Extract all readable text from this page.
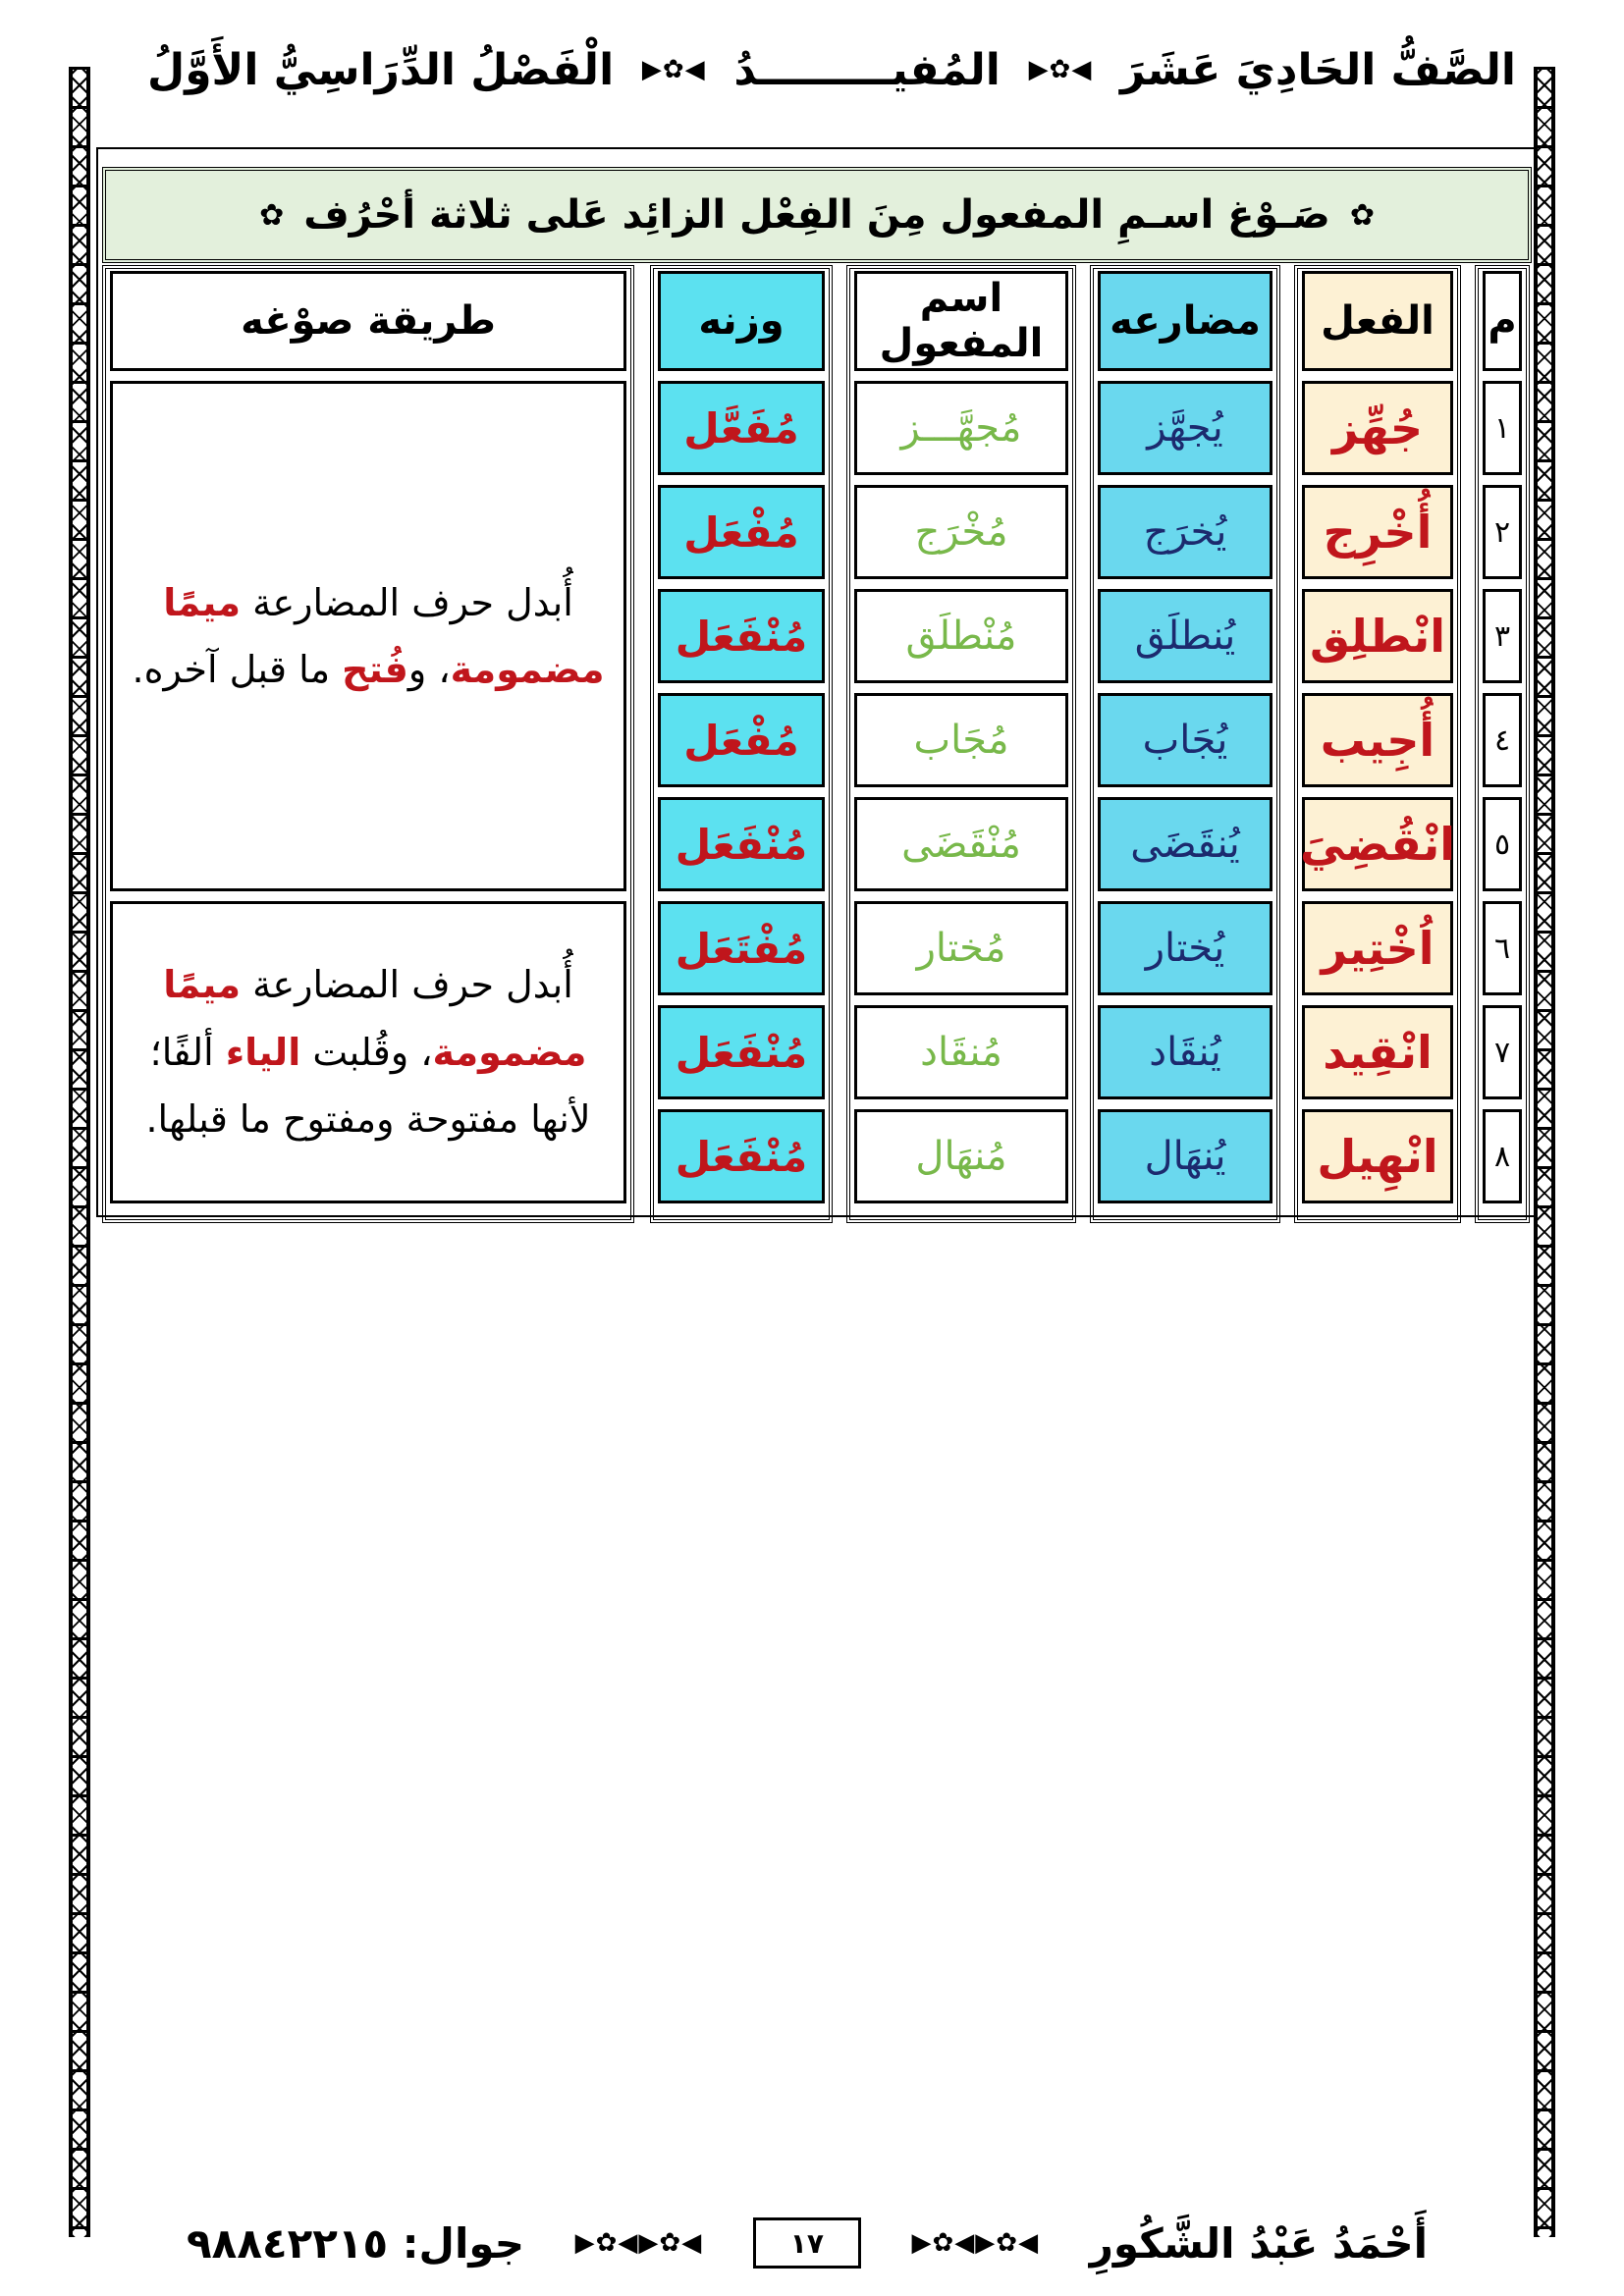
الصَّفُّ الحَادِيَ عَشَرَ
◀✿▶
المُفيـــــــــدُ
◀✿▶
الْفَصْلُ الدِّرَاسِيُّ الأَوَّلُ
✿
صَـوْغ اسـمِ المفعول مِنَ الفِعْل الزائِد عَلى ثلاثة أحْرُف
✿
م
الفعل
مضارعه
اسم المفعول
وزنه
طريقة صوْغه
١
جُهِّز
يُجهَّز
مُجهَّـــز
مُفَعَّل
٢
أُخْرِج
يُخرَج
مُخْرَج
مُفْعَل
٣
انْطلِق
يُنطلَق
مُنْطلَق
مُنْفَعَل
٤
أُجِيب
يُجَاب
مُجَاب
مُفْعَل
٥
انْقُضِيَ
يُنقَضَى
مُنْقَضَى
مُنْفَعَل
٦
اُخْتِير
يُختار
مُختار
مُفْتَعَل
٧
انْقِيد
يُنقَاد
مُنقَاد
مُنْفَعَل
٨
انْهِيل
يُنهَال
مُنهَال
مُنْفَعَل
أُبدل حرف المضارعة ميمًا
مضمومة، وفُتح ما قبل آخره.
أُبدل حرف المضارعة ميمًا
مضمومة، وقُلبت الياء ألفًا؛
لأنها مفتوحة ومفتوح ما قبلها.
أَحْمَدُ عَبْدُ الشَّكُورِ
◀✿▶◀✿▶
١٧
◀✿▶◀✿▶
جوال: ٩٨٨٤٢٢١٥
